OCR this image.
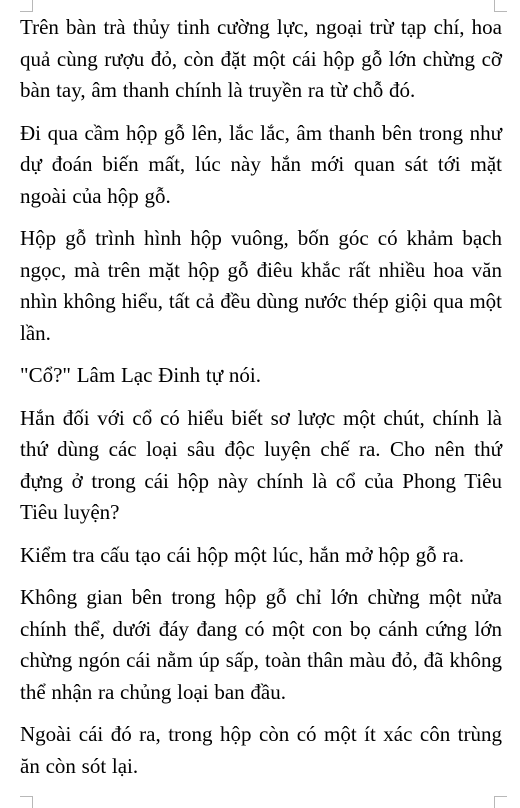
Trên bàn trà thủy tinh cường lực, ngoại trừ tạp chí, hoa quả cùng rượu đỏ, còn đặt một cái hộp gỗ lớn chừng cỡ bàn tay, âm thanh chính là truyền ra từ chỗ đó.

Đi qua cầm hộp gỗ lên, lắc lắc, âm thanh bên trong như dự đoán biến mất, lúc này hắn mới quan sát tới mặt ngoài của hộp gỗ.

Hộp gỗ trình hình hộp vuông, bốn góc có khảm bạch ngọc, mà trên mặt hộp gỗ điêu khắc rất nhiều hoa văn nhìn không hiểu, tất cả đều dùng nước thép giội qua một lần.

"Cổ?" Lâm Lạc Đinh tự nói.

Hắn đối với cổ có hiểu biết sơ lược một chút, chính là thứ dùng các loại sâu độc luyện chế ra. Cho nên thứ đựng ở trong cái hộp này chính là cổ của Phong Tiêu Tiêu luyện?

Kiểm tra cấu tạo cái hộp một lúc, hắn mở hộp gỗ ra.

Không gian bên trong hộp gỗ chỉ lớn chừng một nửa chính thể, dưới đáy đang có một con bọ cánh cứng lớn chừng ngón cái nằm úp sấp, toàn thân màu đỏ, đã không thể nhận ra chủng loại ban đầu.

Ngoài cái đó ra, trong hộp còn có một ít xác côn trùng ăn còn sót lại.
